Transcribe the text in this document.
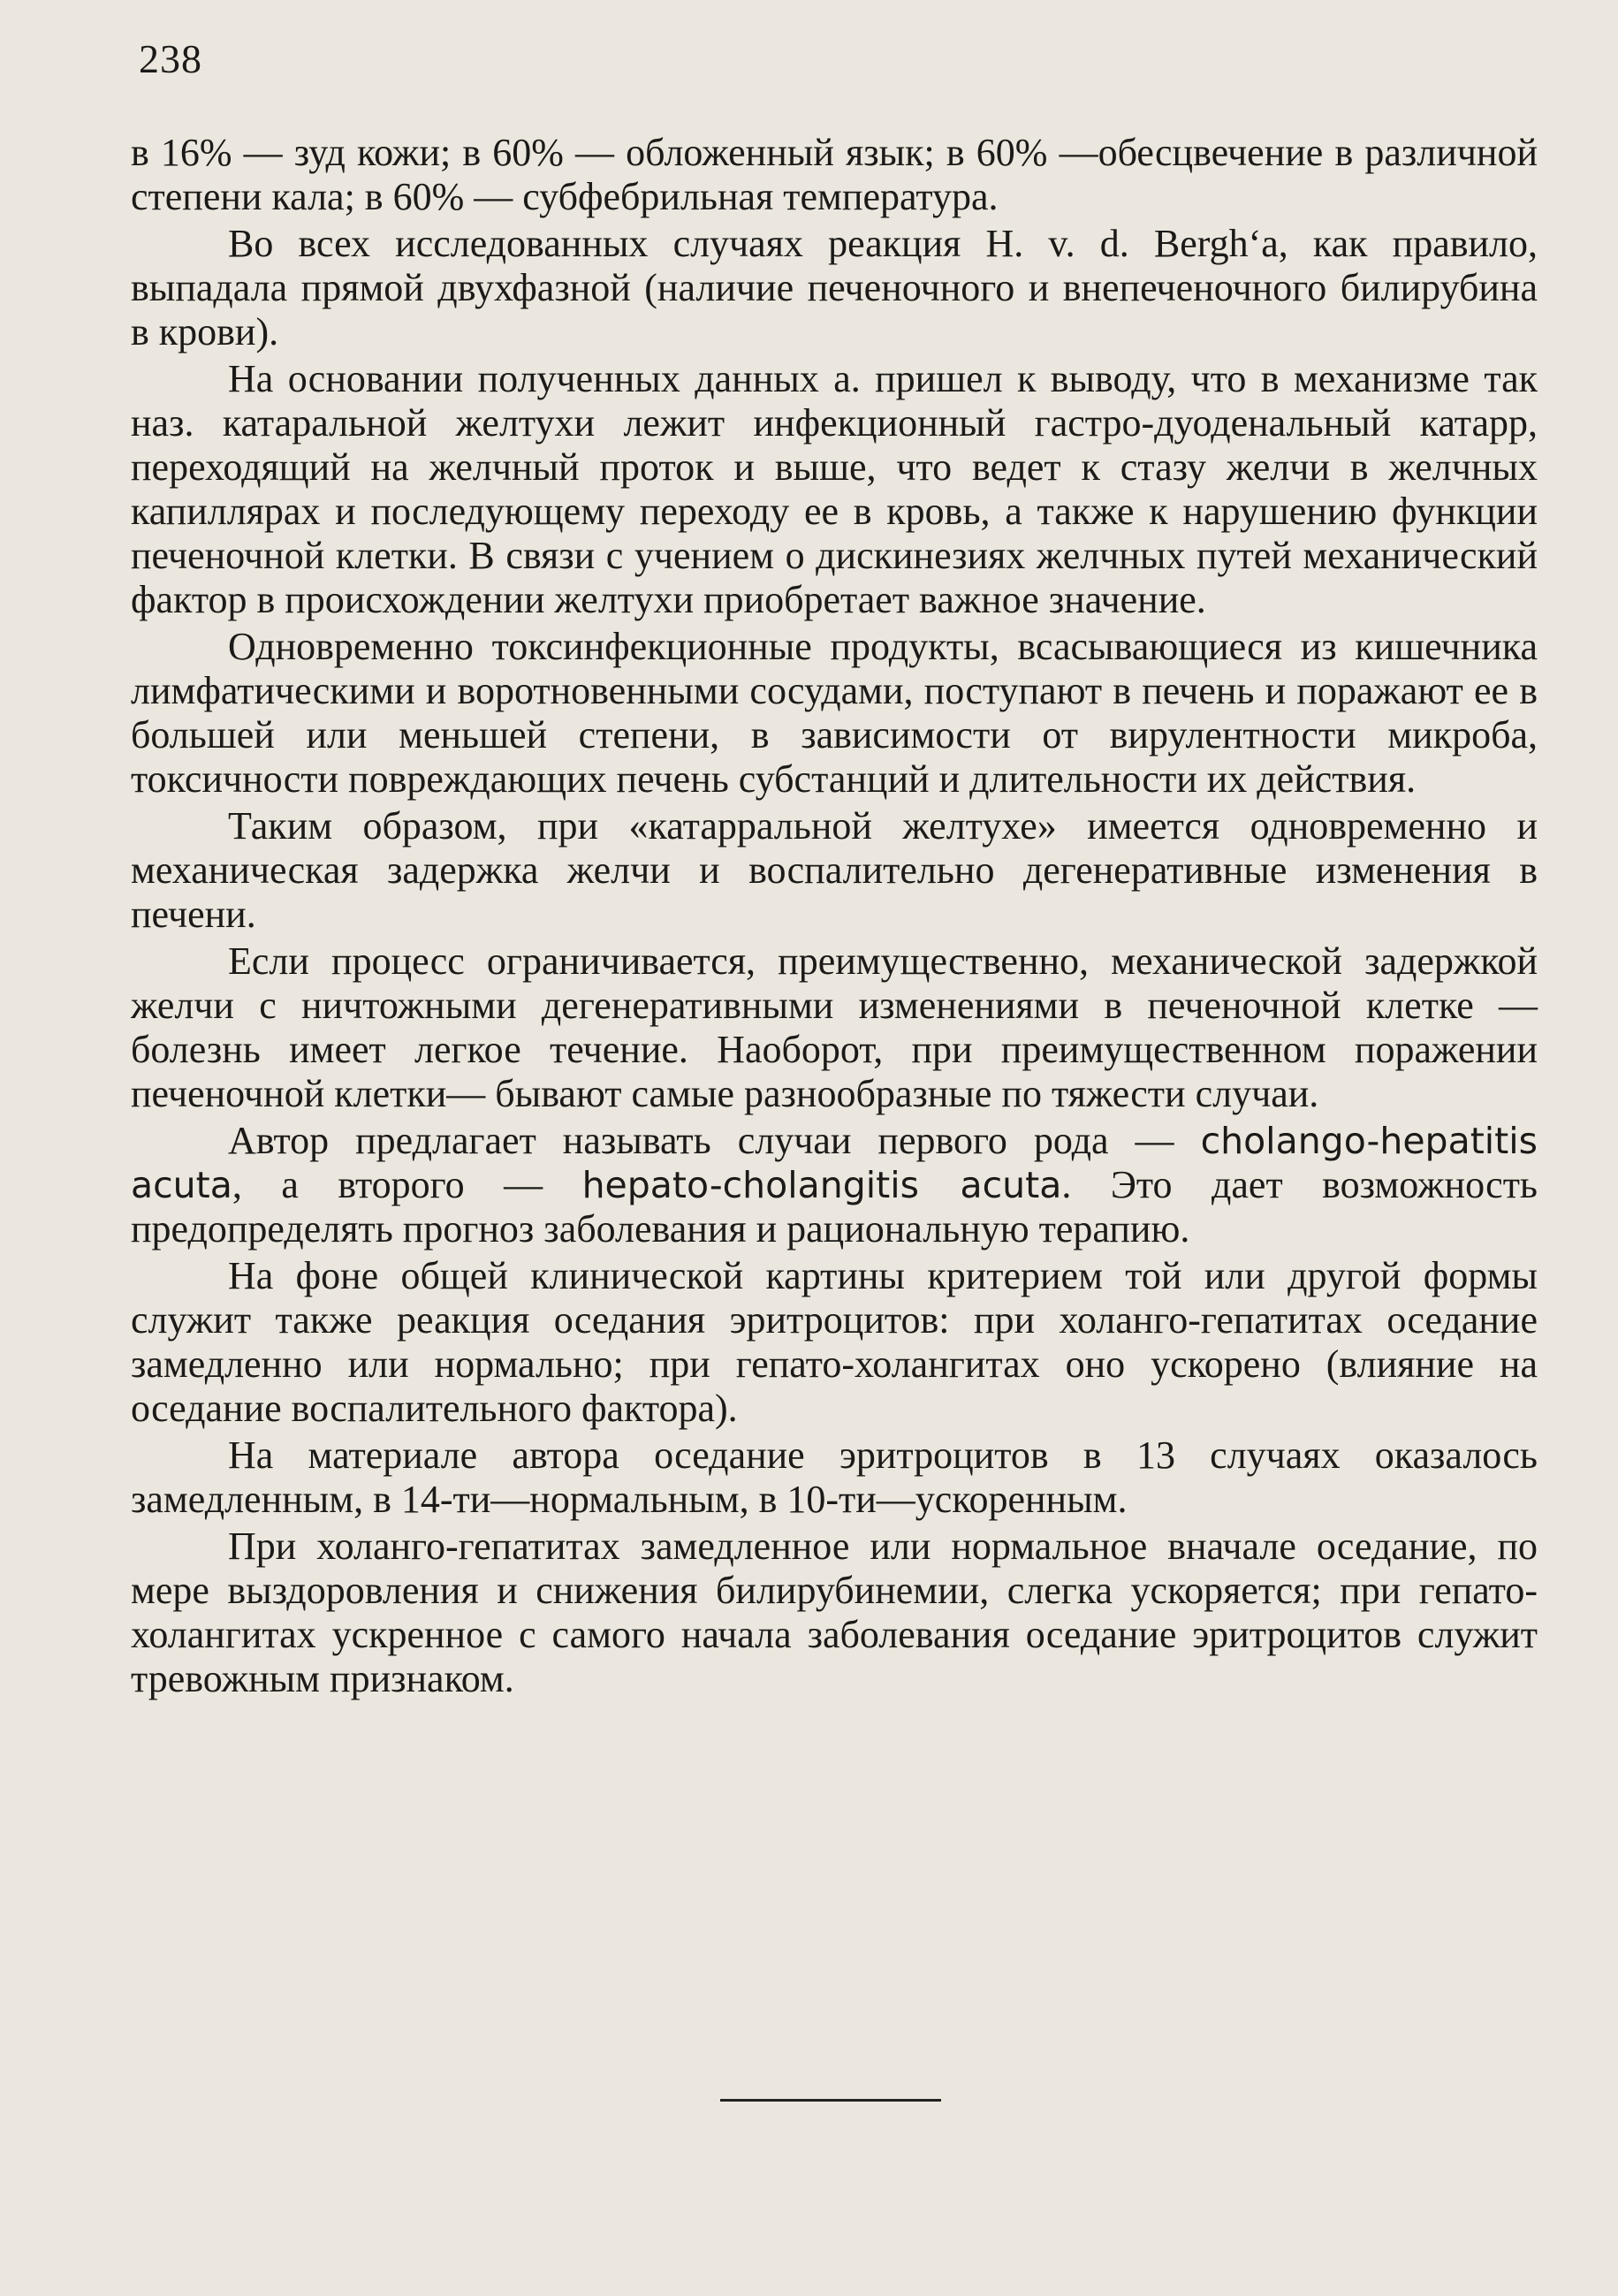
238

в 16% — зуд кожи; в 60% — обложенный язык; в 60% —обесцвечение в различной степени кала; в 60% — субфебрильная температура.

Во всех исследованных случаях реакция H. v. d. Bergh‘a, как правило, выпадала прямой двухфазной (наличие печеночного и внепеченочного билирубина в крови).

На основании полученных данных а. пришел к выводу, что в механизме так наз. катаральной желтухи лежит инфекционный гастро-дуоденальный катарр, переходящий на желчный проток и выше, что ведет к стазу желчи в желчных капиллярах и последующему переходу ее в кровь, а также к нарушению функции печеночной клетки. В связи с учением о дискинезиях желчных путей механический фактор в происхождении желтухи приобретает важное значение.

Одновременно токсинфекционные продукты, всасывающиеся из кишечника лимфатическими и воротновенными сосудами, поступают в печень и поражают ее в большей или меньшей степени, в зависимости от вирулентности микроба, токсичности повреждающих печень субстанций и длительности их действия.

Таким образом, при «катарральной желтухе» имеется одновременно и механическая задержка желчи и воспалительно дегенеративные изменения в печени.

Если процесс ограничивается, преимущественно, механической задержкой желчи с ничтожными дегенеративными изменениями в печеночной клетке — болезнь имеет легкое течение. Наоборот, при преимущественном поражении печеночной клетки— бывают самые разнообразные по тяжести случаи.

Автор предлагает называть случаи первого рода — cholango-hepatitis acuta, а второго — hepato-cholangitis acuta. Это дает возможность предопределять прогноз заболевания и рациональную терапию.

На фоне общей клинической картины критерием той или другой формы служит также реакция оседания эритроцитов: при холанго-гепатитах оседание замедленно или нормально; при гепато-холангитах оно ускорено (влияние на оседание воспалительного фактора).

На материале автора оседание эритроцитов в 13 случаях оказалось замедленным, в 14-ти—нормальным, в 10-ти—ускоренным.

При холанго-гепатитах замедленное или нормальное вначале оседание, по мере выздоровления и снижения билирубинемии, слегка ускоряется; при гепато-холангитах ускренное с самого начала заболевания оседание эритроцитов служит тревожным признаком.
